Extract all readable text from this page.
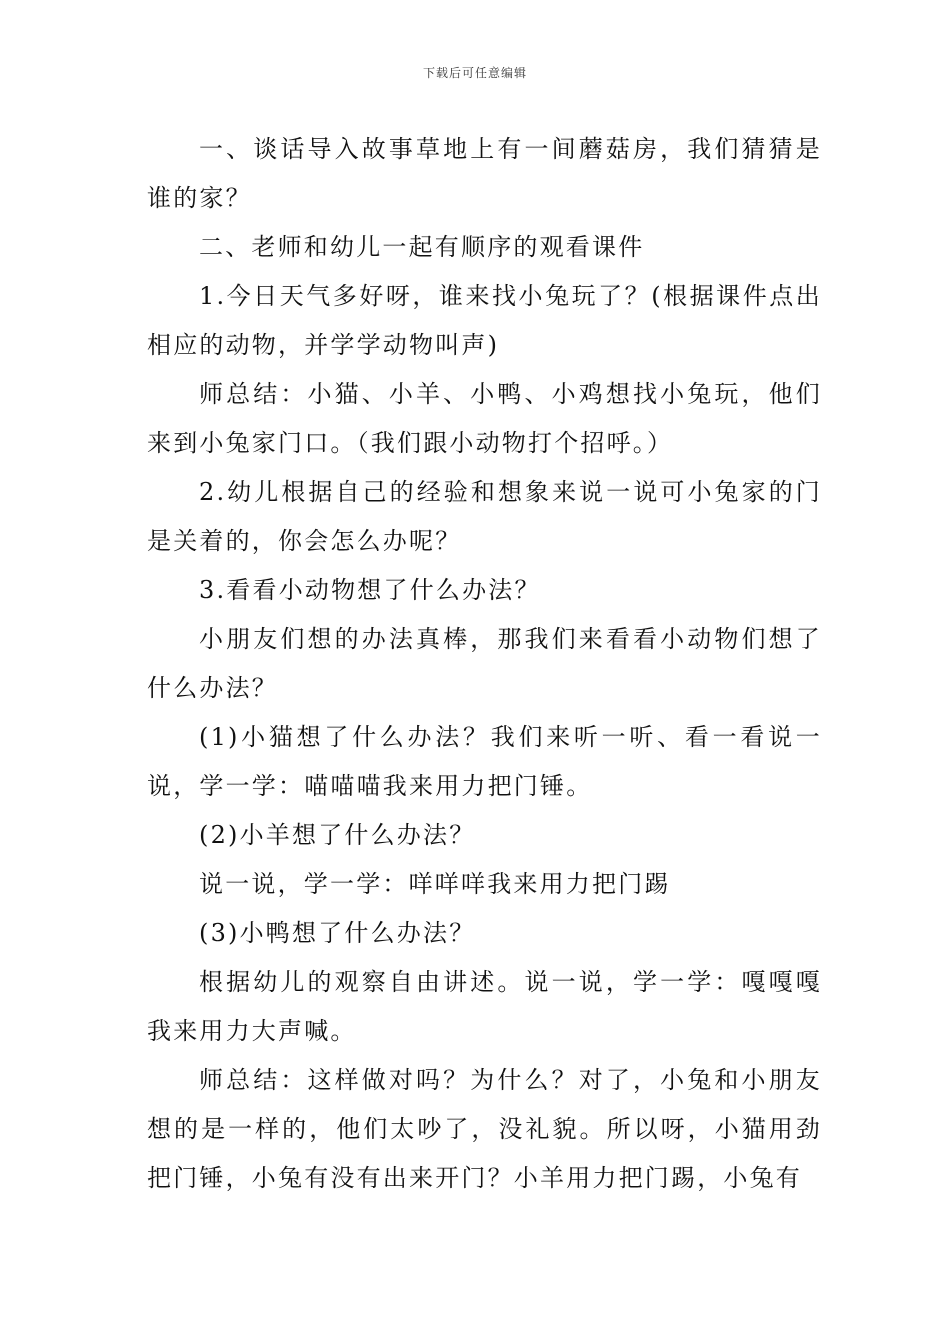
下载后可任意编辑

一、谈话导入故事草地上有一间蘑菇房，我们猜猜是谁的家？

二、老师和幼儿一起有顺序的观看课件

1.今日天气多好呀，谁来找小兔玩了？(根据课件点出相应的动物，并学学动物叫声)

师总结：小猫、小羊、小鸭、小鸡想找小兔玩，他们来到小兔家门口。（我们跟小动物打个招呼。）

2.幼儿根据自己的经验和想象来说一说可小兔家的门是关着的，你会怎么办呢？

3.看看小动物想了什么办法？

小朋友们想的办法真棒，那我们来看看小动物们想了什么办法？

(1)小猫想了什么办法？我们来听一听、看一看说一说，学一学：喵喵喵我来用力把门锤。

(2)小羊想了什么办法？

说一说，学一学：咩咩咩我来用力把门踢

(3)小鸭想了什么办法？

根据幼儿的观察自由讲述。说一说，学一学：嘎嘎嘎我来用力大声喊。

师总结：这样做对吗？为什么？对了，小兔和小朋友想的是一样的，他们太吵了，没礼貌。所以呀，小猫用劲把门锤，小兔有没有出来开门？小羊用力把门踢，小兔有
